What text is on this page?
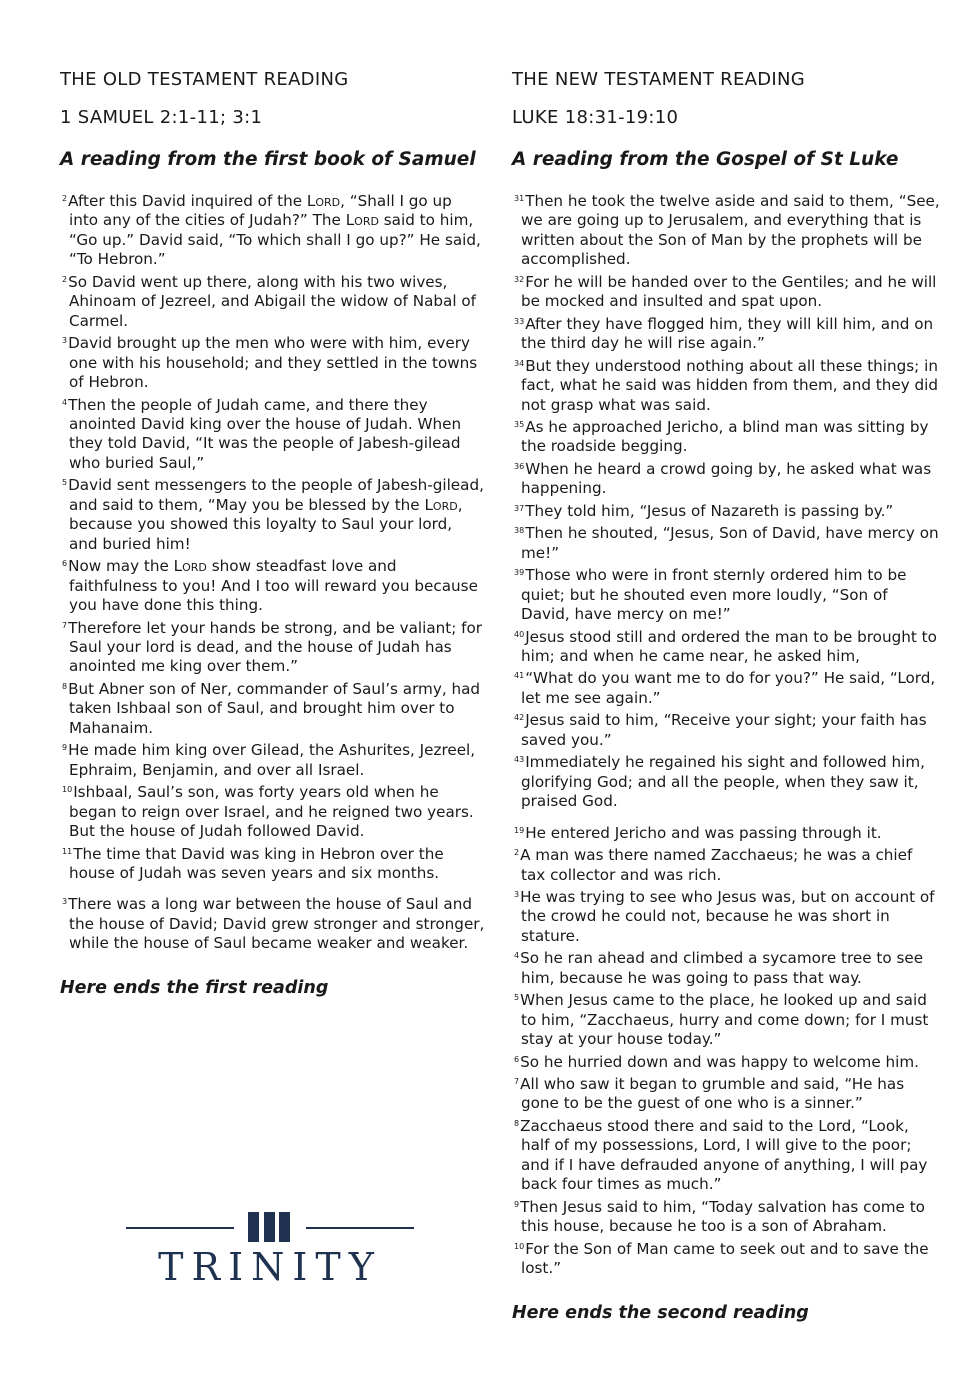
THE OLD TESTAMENT READING
1 SAMUEL 2:1-11; 3:1
A reading from the first book of Samuel

$^2$After this David inquired of the Lord, “Shall I go up into any of the cities of Judah?” The Lord said to him, “Go up.” David said, “To which shall I go up?” He said, “To Hebron.”

$^2$So David went up there, along with his two wives, Ahinoam of Jezreel, and Abigail the widow of Nabal of Carmel.

$^3$David brought up the men who were with him, every one with his household; and they settled in the towns of Hebron.

$^4$Then the people of Judah came, and there they anointed David king over the house of Judah. When they told David, “It was the people of Jabesh-gilead who buried Saul,”

$^5$David sent messengers to the people of Jabesh-gilead, and said to them, “May you be blessed by the Lord, because you showed this loyalty to Saul your lord, and buried him!

$^6$Now may the Lord show steadfast love and faithfulness to you! And I too will reward you because you have done this thing.

$^7$Therefore let your hands be strong, and be valiant; for Saul your lord is dead, and the house of Judah has anointed me king over them.”

$^8$But Abner son of Ner, commander of Saul’s army, had taken Ishbaal son of Saul, and brought him over to Mahanaim.

$^9$He made him king over Gilead, the Ashurites, Jezreel, Ephraim, Benjamin, and over all Israel.

$^{10}$Ishbaal, Saul’s son, was forty years old when he began to reign over Israel, and he reigned two years. But the house of Judah followed David.

$^{11}$The time that David was king in Hebron over the house of Judah was seven years and six months.

$^3$There was a long war between the house of Saul and the house of David; David grew stronger and stronger, while the house of Saul became weaker and weaker.

Here ends the first reading
THE NEW TESTAMENT READING
LUKE 18:31-19:10
A reading from the Gospel of St Luke

$^{31}$Then he took the twelve aside and said to them, “See, we are going up to Jerusalem, and everything that is written about the Son of Man by the prophets will be accomplished.

$^{32}$For he will be handed over to the Gentiles; and he will be mocked and insulted and spat upon.

$^{33}$After they have flogged him, they will kill him, and on the third day he will rise again.”

$^{34}$But they understood nothing about all these things; in fact, what he said was hidden from them, and they did not grasp what was said.

$^{35}$As he approached Jericho, a blind man was sitting by the roadside begging.

$^{36}$When he heard a crowd going by, he asked what was happening.

$^{37}$They told him, “Jesus of Nazareth is passing by.”

$^{38}$Then he shouted, “Jesus, Son of David, have mercy on me!”

$^{39}$Those who were in front sternly ordered him to be quiet; but he shouted even more loudly, “Son of David, have mercy on me!”

$^{40}$Jesus stood still and ordered the man to be brought to him; and when he came near, he asked him,

$^{41}$“What do you want me to do for you?” He said, “Lord, let me see again.”

$^{42}$Jesus said to him, “Receive your sight; your faith has saved you.”

$^{43}$Immediately he regained his sight and followed him, glorifying God; and all the people, when they saw it, praised God.

$^{19}$He entered Jericho and was passing through it.

$^2$A man was there named Zacchaeus; he was a chief tax collector and was rich.

$^3$He was trying to see who Jesus was, but on account of the crowd he could not, because he was short in stature.

$^4$So he ran ahead and climbed a sycamore tree to see him, because he was going to pass that way.

$^5$When Jesus came to the place, he looked up and said to him, “Zacchaeus, hurry and come down; for I must stay at your house today.”

$^6$So he hurried down and was happy to welcome him.

$^7$All who saw it began to grumble and said, “He has gone to be the guest of one who is a sinner.”

$^8$Zacchaeus stood there and said to the Lord, “Look, half of my possessions, Lord, I will give to the poor; and if I have defrauded anyone of anything, I will pay back four times as much.”

$^9$Then Jesus said to him, “Today salvation has come to this house, because he too is a son of Abraham.

$^{10}$For the Son of Man came to seek out and to save the lost.”

Here ends the second reading
TRINITY
